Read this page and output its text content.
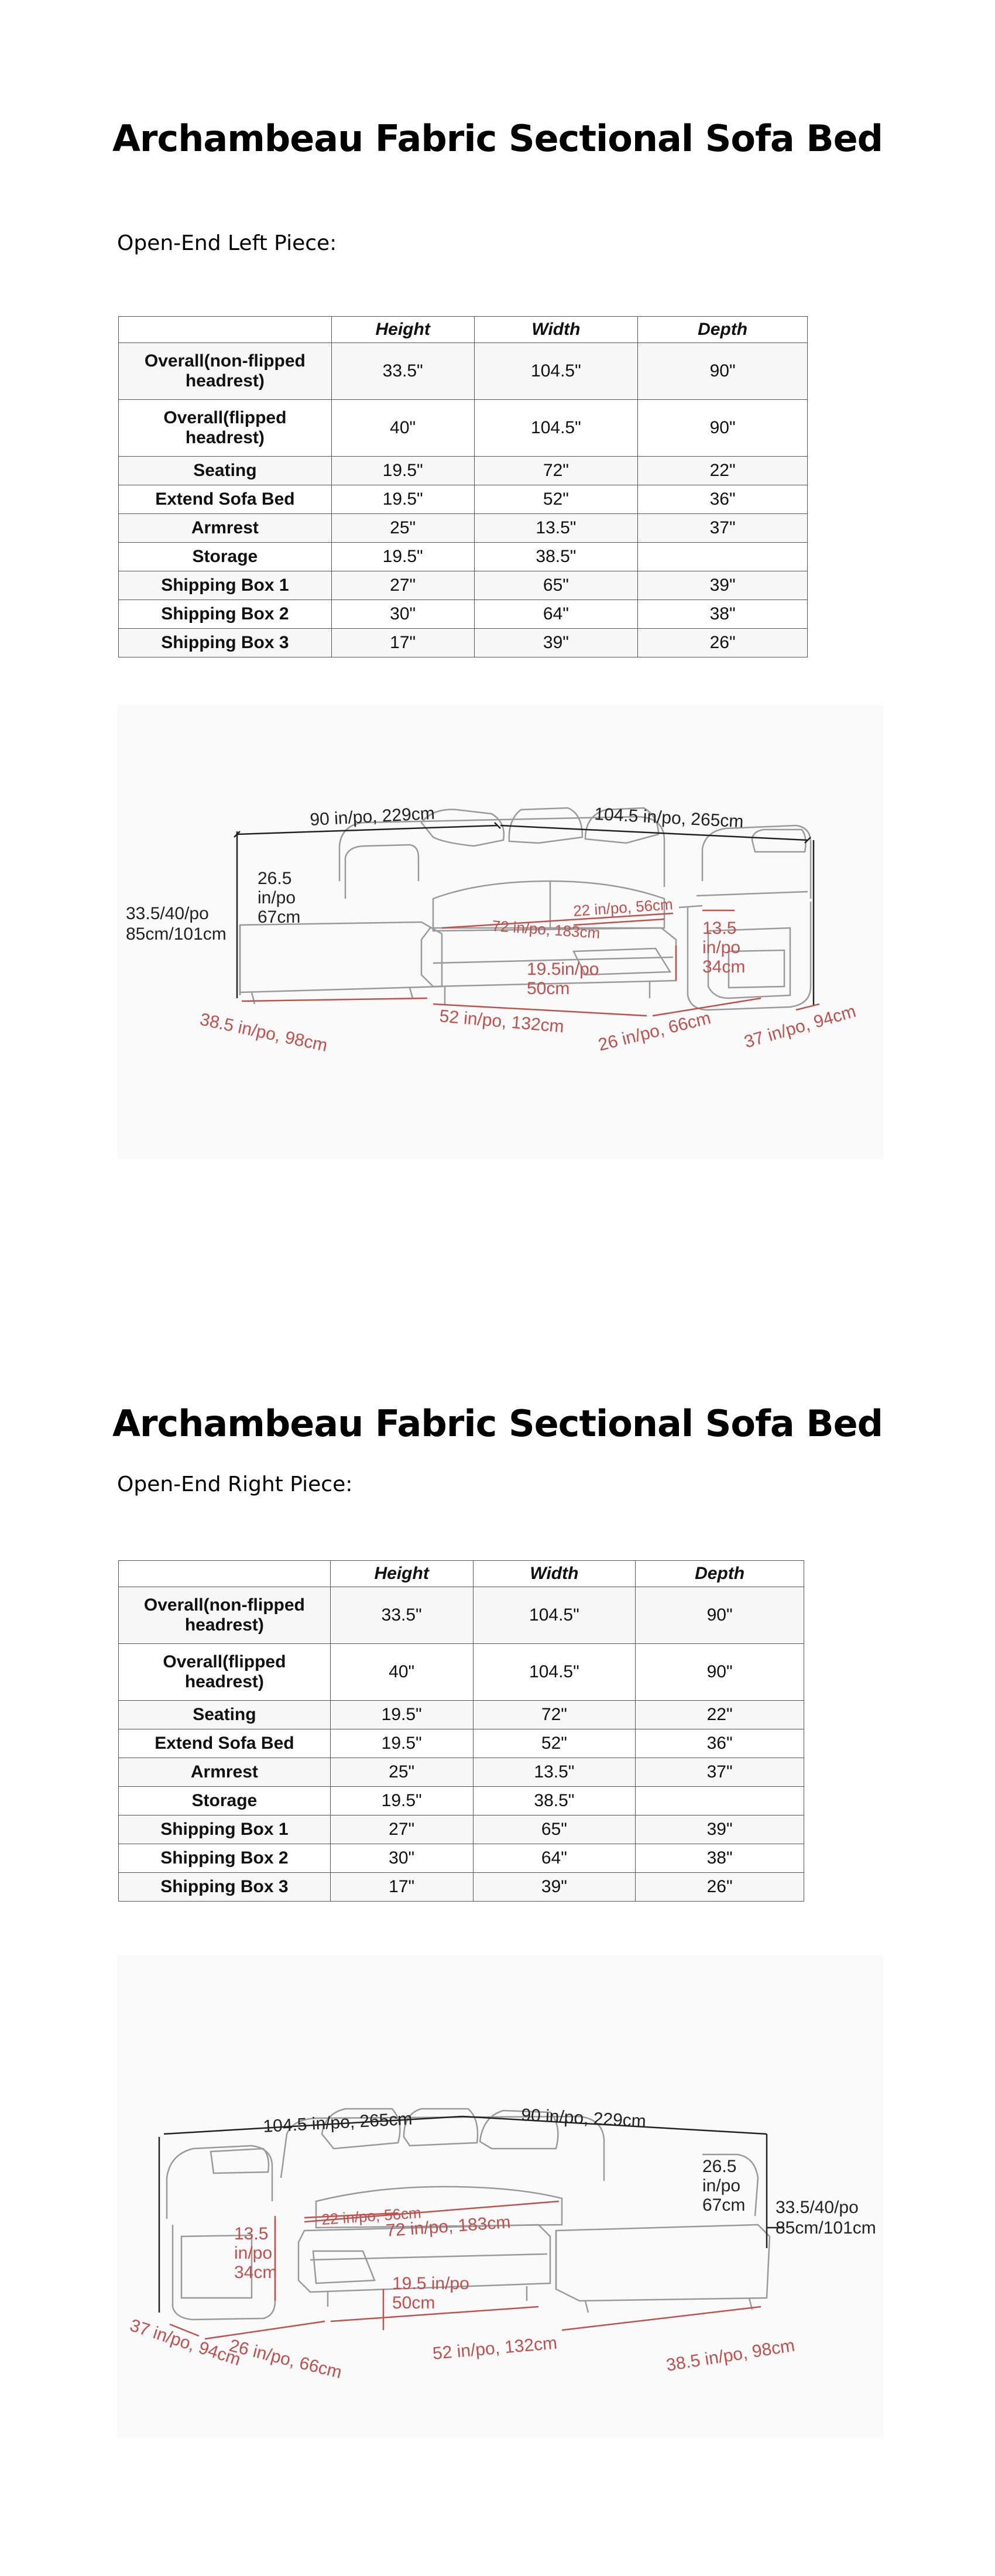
Archambeau Fabric Sectional Sofa Bed

Open-End Left Piece:

	Height	Width	Depth
Overall(non-flipped headrest)	33.5"	104.5"	90"
Overall(flipped headrest)	40"	104.5"	90"
Seating	19.5"	72"	22"
Extend Sofa Bed	19.5"	52"	36"
Armrest	25"	13.5"	37"
Storage	19.5"	38.5"	
Shipping Box 1	27"	65"	39"
Shipping Box 2	30"	64"	38"
Shipping Box 3	17"	39"	26"
90 in/po, 229cm	104.5 in/po, 265cm
33.5/40/po
85cm/101cm
26.5
in/po
67cm	22 in/po, 56cm
72 in/po, 183cm	13.5
in/po
34cm
19.5in/po
50cm
38.5 in/po, 98cm	52 in/po, 132cm 26 in/po, 66cm 37 in/po, 94cm
Archambeau Fabric Sectional Sofa Bed

Open-End Right Piece:

	Height	Width	Depth
Overall(non-flipped headrest)	33.5"	104.5"	90"
Overall(flipped headrest)	40"	104.5"	90"
Seating	19.5"	72"	22"
Extend Sofa Bed	19.5"	52"	36"
Armrest	25"	13.5"	37"
Storage	19.5"	38.5"	
Shipping Box 1	27"	65"	39"
Shipping Box 2	30"	64"	38"
Shipping Box 3	17"	39"	26"
104.5 in/po, 265cm	90 in/po, 229cm
26.5
in/po
67cm 33.5/40/po
85cm/101cm
22 in/po, 56cm
72 in/po, 183cm
13.5
in/po
34cm
19.5 in/po
50cm
37 in/po, 94cm
26 in/po, 66cm	52 in/po, 132cm	38.5 in/po, 98cm
